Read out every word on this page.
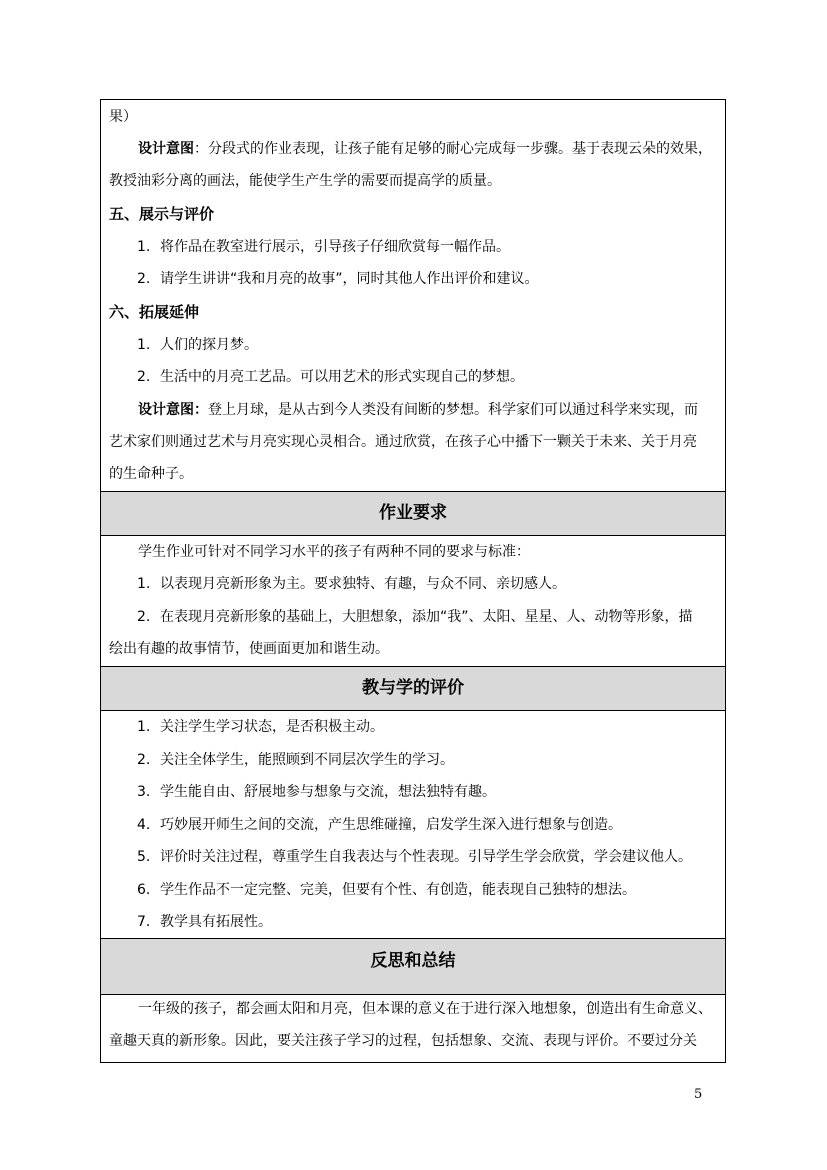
果）
设计意图：分段式的作业表现，让孩子能有足够的耐心完成每一步骤。基于表现云朵的效果，
教授油彩分离的画法，能使学生产生学的需要而提高学的质量。
五、展示与评价
1. 将作品在教室进行展示，引导孩子仔细欣赏每一幅作品。
2. 请学生讲讲“我和月亮的故事”，同时其他人作出评价和建议。
六、拓展延伸
1. 人们的探月梦。
2. 生活中的月亮工艺品。可以用艺术的形式实现自己的梦想。
设计意图：登上月球，是从古到今人类没有间断的梦想。科学家们可以通过科学来实现，而
艺术家们则通过艺术与月亮实现心灵相合。通过欣赏，在孩子心中播下一颗关于未来、关于月亮
的生命种子。
作业要求
学生作业可针对不同学习水平的孩子有两种不同的要求与标准：
1. 以表现月亮新形象为主。要求独特、有趣，与众不同、亲切感人。
2. 在表现月亮新形象的基础上，大胆想象，添加“我”、太阳、星星、人、动物等形象，描
绘出有趣的故事情节，使画面更加和谐生动。
教与学的评价
1. 关注学生学习状态，是否积极主动。
2. 关注全体学生，能照顾到不同层次学生的学习。
3. 学生能自由、舒展地参与想象与交流，想法独特有趣。
4. 巧妙展开师生之间的交流，产生思维碰撞，启发学生深入进行想象与创造。
5. 评价时关注过程，尊重学生自我表达与个性表现。引导学生学会欣赏，学会建议他人。
6. 学生作品不一定完整、完美，但要有个性、有创造，能表现自己独特的想法。
7. 教学具有拓展性。
反思和总结
一年级的孩子，都会画太阳和月亮，但本课的意义在于进行深入地想象，创造出有生命意义、
童趣天真的新形象。因此，要关注孩子学习的过程，包括想象、交流、表现与评价。不要过分关
5
